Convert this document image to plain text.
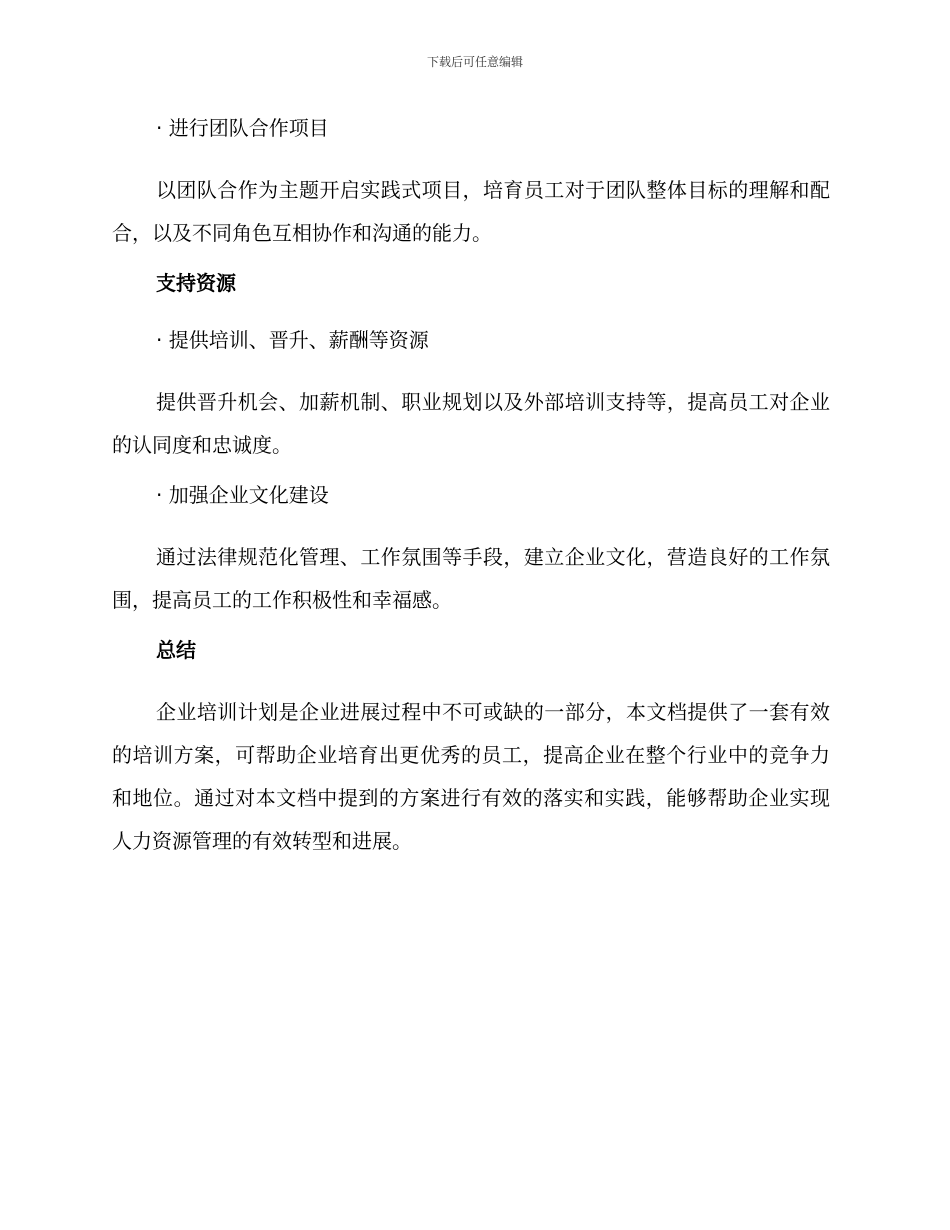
下载后可任意编辑

· 进行团队合作项目

以团队合作为主题开启实践式项目，培育员工对于团队整体目标的理解和配合，以及不同角色互相协作和沟通的能力。

支持资源

· 提供培训、晋升、薪酬等资源

提供晋升机会、加薪机制、职业规划以及外部培训支持等，提高员工对企业的认同度和忠诚度。

· 加强企业文化建设

通过法律规范化管理、工作氛围等手段，建立企业文化，营造良好的工作氛围，提高员工的工作积极性和幸福感。

总结

企业培训计划是企业进展过程中不可或缺的一部分，本文档提供了一套有效的培训方案，可帮助企业培育出更优秀的员工，提高企业在整个行业中的竞争力和地位。通过对本文档中提到的方案进行有效的落实和实践，能够帮助企业实现人力资源管理的有效转型和进展。
